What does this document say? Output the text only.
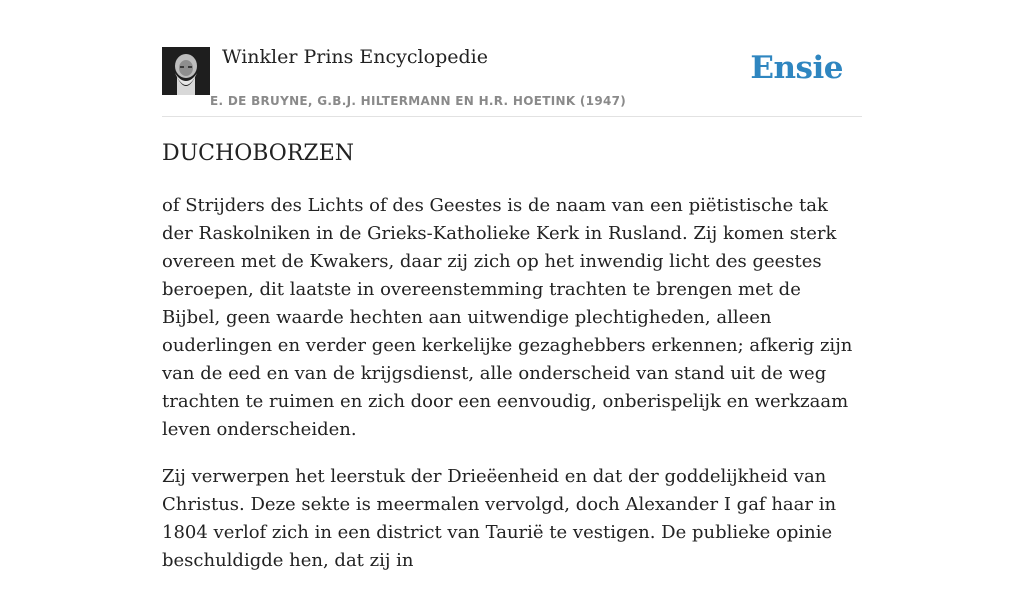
Winkler Prins Encyclopedie
E. DE BRUYNE, G.B.J. HILTERMANN EN H.R. HOETINK (1947)
Ensie
DUCHOBORZEN

of Strijders des Lichts of des Geestes is de naam van een piëtistische tak der Raskolniken in de Grieks-Katholieke Kerk in Rusland. Zij komen sterk overeen met de Kwakers, daar zij zich op het inwendig licht des geestes beroepen, dit laatste in overeenstemming trachten te brengen met de Bijbel, geen waarde hechten aan uitwendige plechtigheden, alleen ouderlingen en verder geen kerkelijke gezaghebbers erkennen; afkerig zijn van de eed en van de krijgsdienst, alle onderscheid van stand uit de weg trachten te ruimen en zich door een eenvoudig, onberispelijk en werkzaam leven onderscheiden.

Zij verwerpen het leerstuk der Drieëenheid en dat der goddelijkheid van Christus. Deze sekte is meermalen vervolgd, doch Alexander I gaf haar in 1804 verlof zich in een district van Taurië te vestigen. De publieke opinie beschuldigde hen, dat zij in
